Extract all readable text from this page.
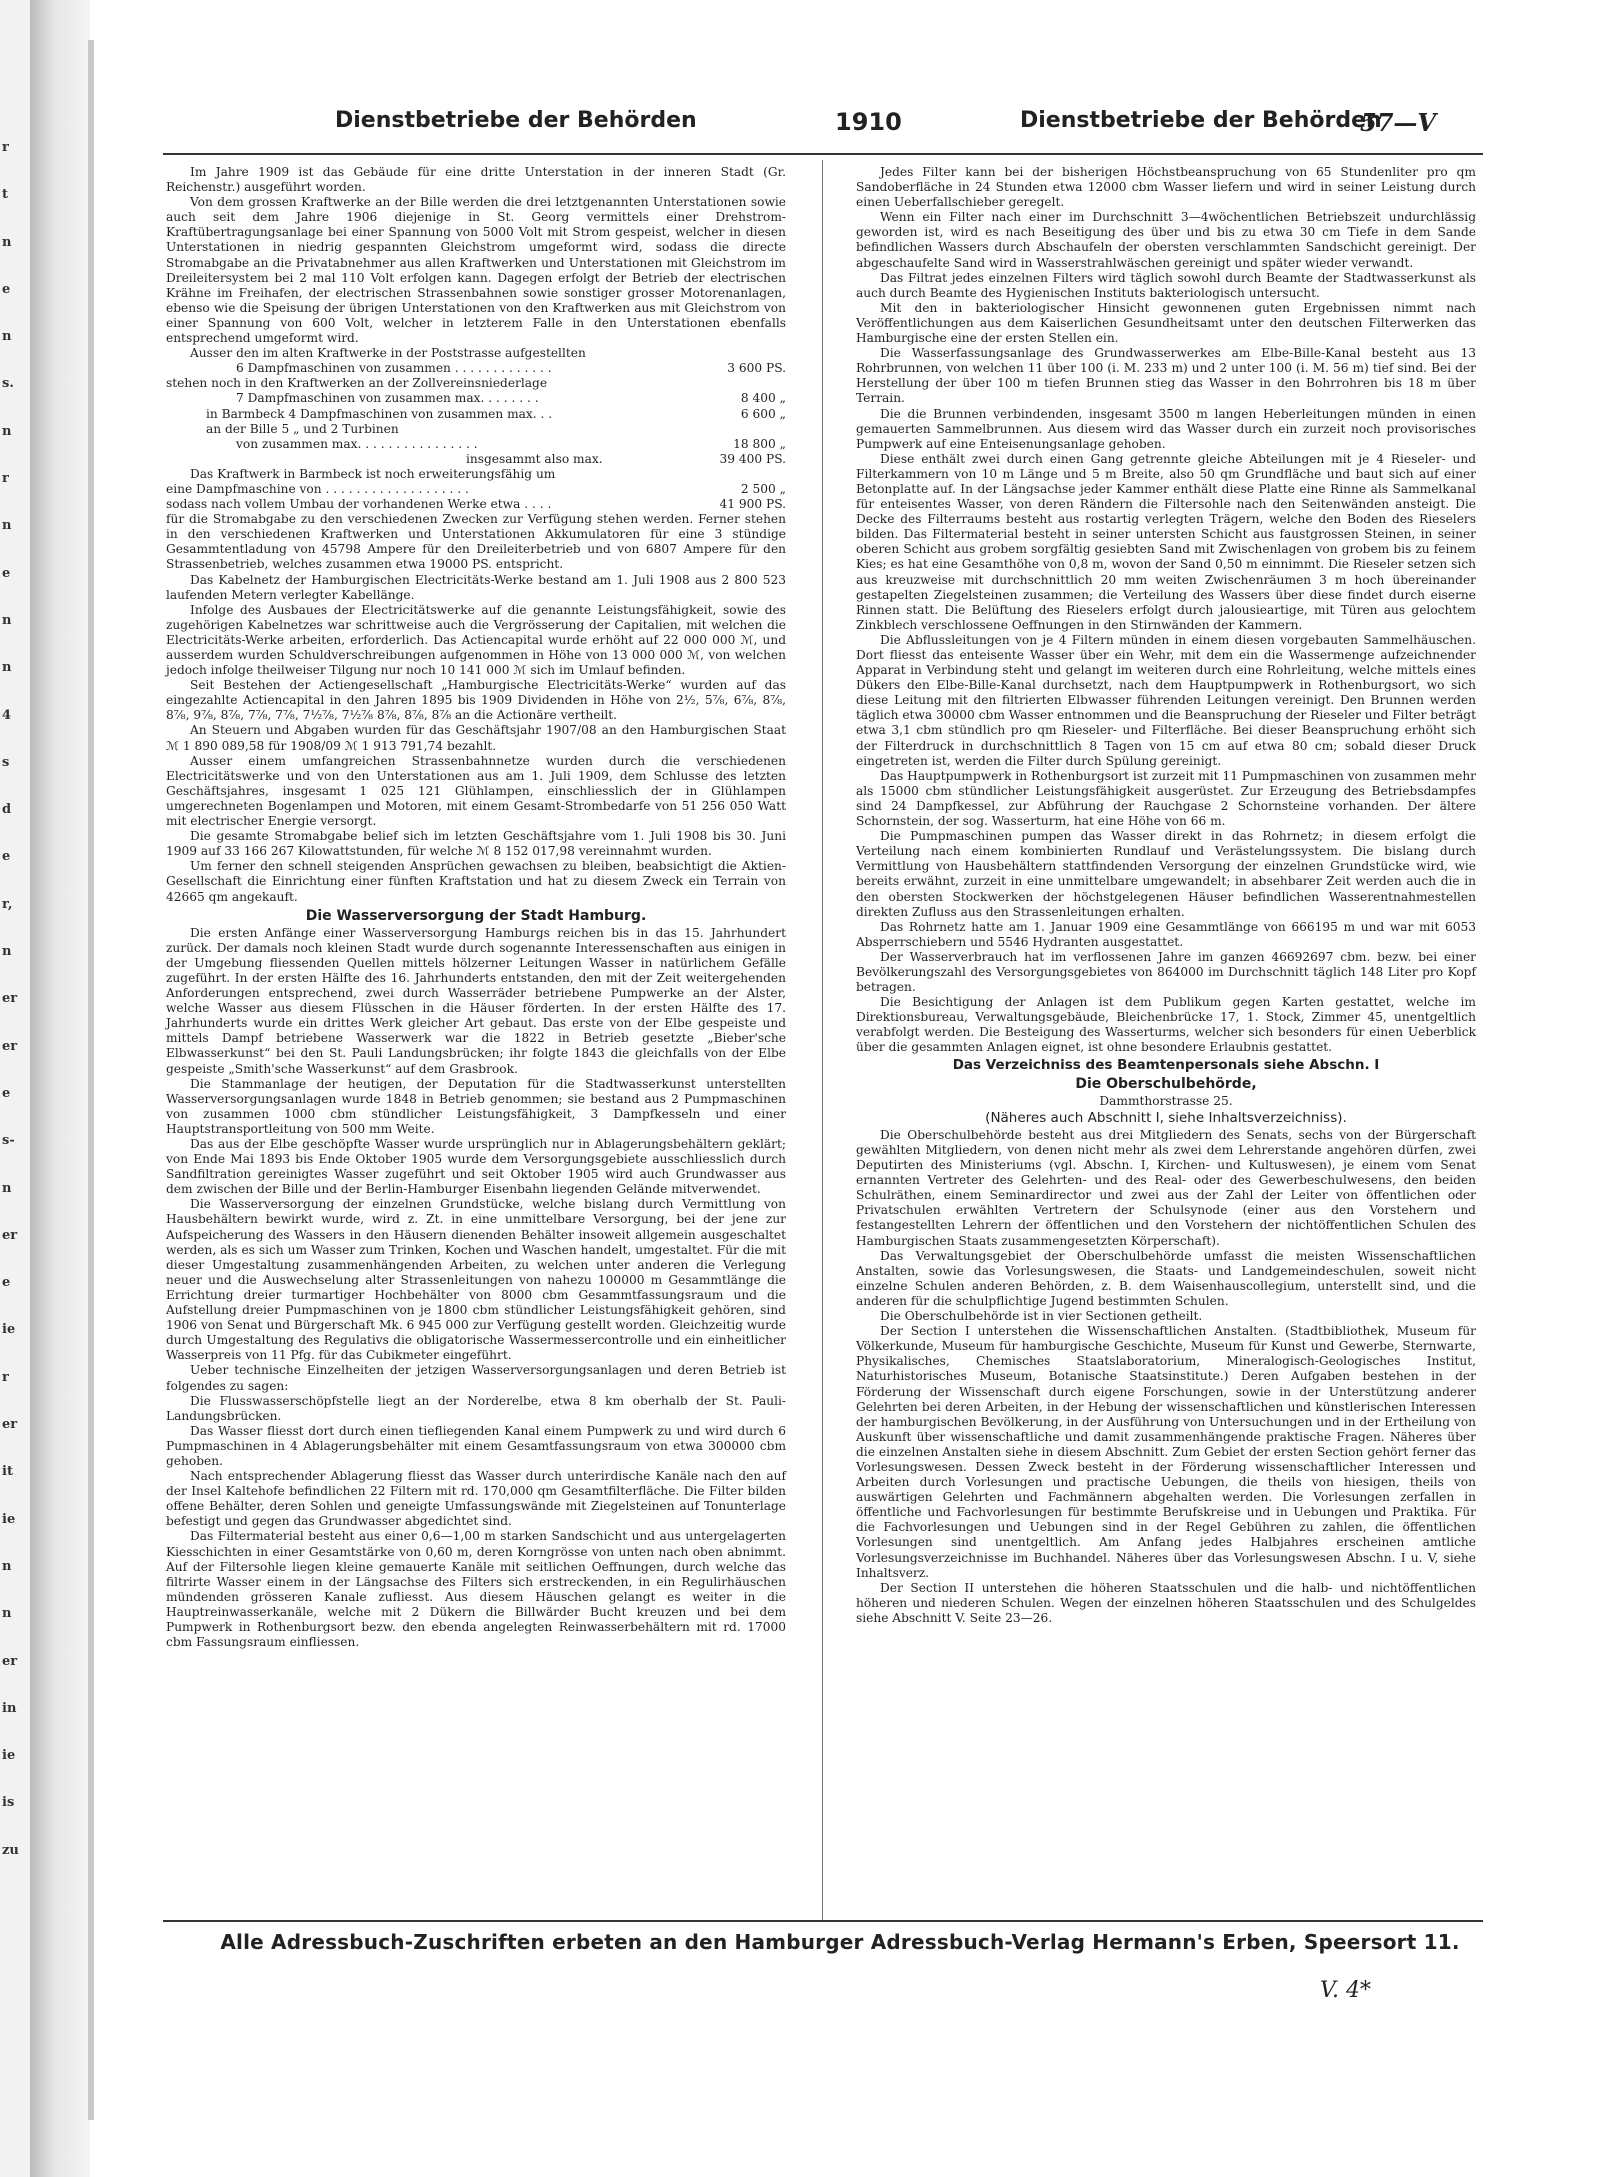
r
t
n
e
n
s.
n
r
n
e
n
n
4
s
d
e
r,
n
er
er
e
s-
n
er
e
ie
r
er
it
ie
n
n
er
in
ie
is
zu
Dienstbetriebe der Behörden	1910	Dienstbetriebe der Behörden
57—V

Im Jahre 1909 ist das Gebäude für eine dritte Unterstation in der inneren Stadt (Gr. Reichenstr.) ausgeführt worden.

Von dem grossen Kraftwerke an der Bille werden die drei letztgenannten Unterstationen sowie auch seit dem Jahre 1906 diejenige in St. Georg vermittels einer Drehstrom-Kraftübertragungsanlage bei einer Spannung von 5000 Volt mit Strom gespeist, welcher in diesen Unterstationen in niedrig gespannten Gleichstrom umgeformt wird, sodass die directe Stromabgabe an die Privatabnehmer aus allen Kraftwerken und Unterstationen mit Gleichstrom im Dreileitersystem bei 2 mal 110 Volt erfolgen kann. Dagegen erfolgt der Betrieb der electrischen Krähne im Freihafen, der electrischen Strassenbahnen sowie sonstiger grosser Motorenanlagen, ebenso wie die Speisung der übrigen Unterstationen von den Kraftwerken aus mit Gleichstrom von einer Spannung von 600 Volt, welcher in letzterem Falle in den Unterstationen ebenfalls entsprechend umgeformt wird.

Ausser den im alten Kraftwerke in der Poststrasse aufgestellten

6 Dampfmaschinen von zusammen . . . . . . . . . . . . .	3 600 PS.

stehen noch in den Kraftwerken an der Zollvereinsniederlage

7 Dampfmaschinen von zusammen max. . . . . . . .	8 400 „
in Barmbeck 4 Dampfmaschinen von zusammen max. . .	6 600 „
an der Bille 5 „ und 2 Turbinen
von zusammen max. . . . . . . . . . . . . . . .	18 800 „
insgesammt also max.	39 400 PS.

Das Kraftwerk in Barmbeck ist noch erweiterungsfähig um

eine Dampfmaschine von . . . . . . . . . . . . . . . . . . .	2 500 „
sodass nach vollem Umbau der vorhandenen Werke etwa . . . .	41 900 PS.

für die Stromabgabe zu den verschiedenen Zwecken zur Verfügung stehen werden. Ferner stehen in den verschiedenen Kraftwerken und Unterstationen Akkumulatoren für eine 3 stündige Gesammtentladung von 45798 Ampere für den Dreileiterbetrieb und von 6807 Ampere für den Strassenbetrieb, welches zusammen etwa 19000 PS. entspricht.

Das Kabelnetz der Hamburgischen Electricitäts-Werke bestand am 1. Juli 1908 aus 2 800 523 laufenden Metern verlegter Kabellänge.

Infolge des Ausbaues der Electricitätswerke auf die genannte Leistungsfähigkeit, sowie des zugehörigen Kabelnetzes war schrittweise auch die Vergrösserung der Capitalien, mit welchen die Electricitäts-Werke arbeiten, erforderlich. Das Actiencapital wurde erhöht auf 22 000 000 ℳ, und ausserdem wurden Schuldverschreibungen aufgenommen in Höhe von 13 000 000 ℳ, von welchen jedoch infolge theilweiser Tilgung nur noch 10 141 000 ℳ sich im Umlauf befinden.

Seit Bestehen der Actiengesellschaft „Hamburgische Electricitäts-Werke“ wurden auf das eingezahlte Actiencapital in den Jahren 1895 bis 1909 Dividenden in Höhe von 2½, 5⅞, 6⅞, 8⅞, 8⅞, 9⅞, 8⅞, 7⅞, 7⅞, 7½⅞, 7½⅞ 8⅞, 8⅞, 8⅞ an die Actionäre vertheilt.

An Steuern und Abgaben wurden für das Geschäftsjahr 1907/08 an den Hamburgischen Staat ℳ 1 890 089,58 für 1908/09 ℳ 1 913 791,74 bezahlt.

Ausser einem umfangreichen Strassenbahnnetze wurden durch die verschiedenen Electricitätswerke und von den Unterstationen aus am 1. Juli 1909, dem Schlusse des letzten Geschäftsjahres, insgesamt 1 025 121 Glühlampen, einschliesslich der in Glühlampen umgerechneten Bogenlampen und Motoren, mit einem Gesamt-Strombedarfe von 51 256 050 Watt mit electrischer Energie versorgt.

Die gesamte Stromabgabe belief sich im letzten Geschäftsjahre vom 1. Juli 1908 bis 30. Juni 1909 auf 33 166 267 Kilowattstunden, für welche ℳ 8 152 017,98 vereinnahmt wurden.

Um ferner den schnell steigenden Ansprüchen gewachsen zu bleiben, beabsichtigt die Aktien-Gesellschaft die Einrichtung einer fünften Kraftstation und hat zu diesem Zweck ein Terrain von 42665 qm angekauft.

Die Wasserversorgung der Stadt Hamburg.

Die ersten Anfänge einer Wasserversorgung Hamburgs reichen bis in das 15. Jahrhundert zurück. Der damals noch kleinen Stadt wurde durch sogenannte Interessenschaften aus einigen in der Umgebung fliessenden Quellen mittels hölzerner Leitungen Wasser in natürlichem Gefälle zugeführt. In der ersten Hälfte des 16. Jahrhunderts entstanden, den mit der Zeit weitergehenden Anforderungen entsprechend, zwei durch Wasserräder betriebene Pumpwerke an der Alster, welche Wasser aus diesem Flüsschen in die Häuser förderten. In der ersten Hälfte des 17. Jahrhunderts wurde ein drittes Werk gleicher Art gebaut. Das erste von der Elbe gespeiste und mittels Dampf betriebene Wasserwerk war die 1822 in Betrieb gesetzte „Bieber'sche Elbwasserkunst“ bei den St. Pauli Landungsbrücken; ihr folgte 1843 die gleichfalls von der Elbe gespeiste „Smith'sche Wasserkunst“ auf dem Grasbrook.

Die Stammanlage der heutigen, der Deputation für die Stadtwasserkunst unterstellten Wasserversorgungsanlagen wurde 1848 in Betrieb genommen; sie bestand aus 2 Pumpmaschinen von zusammen 1000 cbm stündlicher Leistungsfähigkeit, 3 Dampfkesseln und einer Hauptstransportleitung von 500 mm Weite.

Das aus der Elbe geschöpfte Wasser wurde ursprünglich nur in Ablagerungsbehältern geklärt; von Ende Mai 1893 bis Ende Oktober 1905 wurde dem Versorgungsgebiete ausschliesslich durch Sandfiltration gereinigtes Wasser zugeführt und seit Oktober 1905 wird auch Grundwasser aus dem zwischen der Bille und der Berlin-Hamburger Eisenbahn liegenden Gelände mitverwendet.

Die Wasserversorgung der einzelnen Grundstücke, welche bislang durch Vermittlung von Hausbehältern bewirkt wurde, wird z. Zt. in eine unmittelbare Versorgung, bei der jene zur Aufspeicherung des Wassers in den Häusern dienenden Behälter insoweit allgemein ausgeschaltet werden, als es sich um Wasser zum Trinken, Kochen und Waschen handelt, umgestaltet. Für die mit dieser Umgestaltung zusammenhängenden Arbeiten, zu welchen unter anderen die Verlegung neuer und die Auswechselung alter Strassenleitungen von nahezu 100000 m Gesammtlänge die Errichtung dreier turmartiger Hochbehälter von 8000 cbm Gesammtfassungsraum und die Aufstellung dreier Pumpmaschinen von je 1800 cbm stündlicher Leistungsfähigkeit gehören, sind 1906 von Senat und Bürgerschaft Mk. 6 945 000 zur Verfügung gestellt worden. Gleichzeitig wurde durch Umgestaltung des Regulativs die obligatorische Wassermessercontrolle und ein einheitlicher Wasserpreis von 11 Pfg. für das Cubikmeter eingeführt.

Ueber technische Einzelheiten der jetzigen Wasserversorgungsanlagen und deren Betrieb ist folgendes zu sagen:

Die Flusswasserschöpfstelle liegt an der Norderelbe, etwa 8 km oberhalb der St. Pauli-Landungsbrücken.

Das Wasser fliesst dort durch einen tiefliegenden Kanal einem Pumpwerk zu und wird durch 6 Pumpmaschinen in 4 Ablagerungsbehälter mit einem Gesamtfassungsraum von etwa 300000 cbm gehoben.

Nach entsprechender Ablagerung fliesst das Wasser durch unterirdische Kanäle nach den auf der Insel Kaltehofe befindlichen 22 Filtern mit rd. 170,000 qm Gesamtfilterfläche. Die Filter bilden offene Behälter, deren Sohlen und geneigte Umfassungswände mit Ziegelsteinen auf Tonunterlage befestigt und gegen das Grundwasser abgedichtet sind.

Das Filtermaterial besteht aus einer 0,6—1,00 m starken Sandschicht und aus untergelagerten Kiesschichten in einer Gesamtstärke von 0,60 m, deren Korngrösse von unten nach oben abnimmt. Auf der Filtersohle liegen kleine gemauerte Kanäle mit seitlichen Oeffnungen, durch welche das filtrirte Wasser einem in der Längsachse des Filters sich erstreckenden, in ein Regulirhäuschen mündenden grösseren Kanale zufliesst. Aus diesem Häuschen gelangt es weiter in die Hauptreinwasserkanäle, welche mit 2 Dükern die Billwärder Bucht kreuzen und bei dem Pumpwerk in Rothenburgsort bezw. den ebenda angelegten Reinwasserbehältern mit rd. 17000 cbm Fassungsraum einfliessen.

Jedes Filter kann bei der bisherigen Höchstbeanspruchung von 65 Stundenliter pro qm Sandoberfläche in 24 Stunden etwa 12000 cbm Wasser liefern und wird in seiner Leistung durch einen Ueberfallschieber geregelt.

Wenn ein Filter nach einer im Durchschnitt 3—4wöchentlichen Betriebszeit undurchlässig geworden ist, wird es nach Beseitigung des über und bis zu etwa 30 cm Tiefe in dem Sande befindlichen Wassers durch Abschaufeln der obersten verschlammten Sandschicht gereinigt. Der abgeschaufelte Sand wird in Wasserstrahlwäschen gereinigt und später wieder verwandt.

Das Filtrat jedes einzelnen Filters wird täglich sowohl durch Beamte der Stadtwasserkunst als auch durch Beamte des Hygienischen Instituts bakteriologisch untersucht.

Mit den in bakteriologischer Hinsicht gewonnenen guten Ergebnissen nimmt nach Veröffentlichungen aus dem Kaiserlichen Gesundheitsamt unter den deutschen Filterwerken das Hamburgische eine der ersten Stellen ein.

Die Wasserfassungsanlage des Grundwasserwerkes am Elbe-Bille-Kanal besteht aus 13 Rohrbrunnen, von welchen 11 über 100 (i. M. 233 m) und 2 unter 100 (i. M. 56 m) tief sind. Bei der Herstellung der über 100 m tiefen Brunnen stieg das Wasser in den Bohrrohren bis 18 m über Terrain.

Die die Brunnen verbindenden, insgesamt 3500 m langen Heberleitungen münden in einen gemauerten Sammelbrunnen. Aus diesem wird das Wasser durch ein zurzeit noch provisorisches Pumpwerk auf eine Enteisenungsanlage gehoben.

Diese enthält zwei durch einen Gang getrennte gleiche Abteilungen mit je 4 Rieseler- und Filterkammern von 10 m Länge und 5 m Breite, also 50 qm Grundfläche und baut sich auf einer Betonplatte auf. In der Längsachse jeder Kammer enthält diese Platte eine Rinne als Sammelkanal für enteisentes Wasser, von deren Rändern die Filtersohle nach den Seitenwänden ansteigt. Die Decke des Filterraums besteht aus rostartig verlegten Trägern, welche den Boden des Rieselers bilden. Das Filtermaterial besteht in seiner untersten Schicht aus faustgrossen Steinen, in seiner oberen Schicht aus grobem sorgfältig gesiebten Sand mit Zwischenlagen von grobem bis zu feinem Kies; es hat eine Gesamthöhe von 0,8 m, wovon der Sand 0,50 m einnimmt. Die Rieseler setzen sich aus kreuzweise mit durchschnittlich 20 mm weiten Zwischenräumen 3 m hoch übereinander gestapelten Ziegelsteinen zusammen; die Verteilung des Wassers über diese findet durch eiserne Rinnen statt. Die Belüftung des Rieselers erfolgt durch jalousieartige, mit Türen aus gelochtem Zinkblech verschlossene Oeffnungen in den Stirnwänden der Kammern.

Die Abflussleitungen von je 4 Filtern münden in einem diesen vorgebauten Sammelhäuschen. Dort fliesst das enteisente Wasser über ein Wehr, mit dem ein die Wassermenge aufzeichnender Apparat in Verbindung steht und gelangt im weiteren durch eine Rohrleitung, welche mittels eines Dükers den Elbe-Bille-Kanal durchsetzt, nach dem Hauptpumpwerk in Rothenburgsort, wo sich diese Leitung mit den filtrierten Elbwasser führenden Leitungen vereinigt. Den Brunnen werden täglich etwa 30000 cbm Wasser entnommen und die Beanspruchung der Rieseler und Filter beträgt etwa 3,1 cbm stündlich pro qm Rieseler- und Filterfläche. Bei dieser Beanspruchung erhöht sich der Filterdruck in durchschnittlich 8 Tagen von 15 cm auf etwa 80 cm; sobald dieser Druck eingetreten ist, werden die Filter durch Spülung gereinigt.

Das Hauptpumpwerk in Rothenburgsort ist zurzeit mit 11 Pumpmaschinen von zusammen mehr als 15000 cbm stündlicher Leistungsfähigkeit ausgerüstet. Zur Erzeugung des Betriebsdampfes sind 24 Dampfkessel, zur Abführung der Rauchgase 2 Schornsteine vorhanden. Der ältere Schornstein, der sog. Wasserturm, hat eine Höhe von 66 m.

Die Pumpmaschinen pumpen das Wasser direkt in das Rohrnetz; in diesem erfolgt die Verteilung nach einem kombinierten Rundlauf und Verästelungssystem. Die bislang durch Vermittlung von Hausbehältern stattfindenden Versorgung der einzelnen Grundstücke wird, wie bereits erwähnt, zurzeit in eine unmittelbare umgewandelt; in absehbarer Zeit werden auch die in den obersten Stockwerken der höchstgelegenen Häuser befindlichen Wasserentnahmestellen direkten Zufluss aus den Strassenleitungen erhalten.

Das Rohrnetz hatte am 1. Januar 1909 eine Gesammtlänge von 666195 m und war mit 6053 Absperrschiebern und 5546 Hydranten ausgestattet.

Der Wasserverbrauch hat im verflossenen Jahre im ganzen 46692697 cbm. bezw. bei einer Bevölkerungszahl des Versorgungsgebietes von 864000 im Durchschnitt täglich 148 Liter pro Kopf betragen.

Die Besichtigung der Anlagen ist dem Publikum gegen Karten gestattet, welche im Direktionsbureau, Verwaltungsgebäude, Bleichenbrücke 17, 1. Stock, Zimmer 45, unentgeltlich verabfolgt werden. Die Besteigung des Wasserturms, welcher sich besonders für einen Ueberblick über die gesammten Anlagen eignet, ist ohne besondere Erlaubnis gestattet.

Das Verzeichniss des Beamtenpersonals siehe Abschn. I
Die Oberschulbehörde,
Dammthorstrasse 25.
(Näheres auch Abschnitt I, siehe Inhaltsverzeichniss).

Die Oberschulbehörde besteht aus drei Mitgliedern des Senats, sechs von der Bürgerschaft gewählten Mitgliedern, von denen nicht mehr als zwei dem Lehrerstande angehören dürfen, zwei Deputirten des Ministeriums (vgl. Abschn. I, Kirchen- und Kultuswesen), je einem vom Senat ernannten Vertreter des Gelehrten- und des Real- oder des Gewerbeschulwesens, den beiden Schulräthen, einem Seminardirector und zwei aus der Zahl der Leiter von öffentlichen oder Privatschulen erwählten Vertretern der Schulsynode (einer aus den Vorstehern und festangestellten Lehrern der öffentlichen und den Vorstehern der nichtöffentlichen Schulen des Hamburgischen Staats zusammengesetzten Körperschaft).

Das Verwaltungsgebiet der Oberschulbehörde umfasst die meisten Wissenschaftlichen Anstalten, sowie das Vorlesungswesen, die Staats- und Landgemeindeschulen, soweit nicht einzelne Schulen anderen Behörden, z. B. dem Waisenhauscollegium, unterstellt sind, und die anderen für die schulpflichtige Jugend bestimmten Schulen.

Die Oberschulbehörde ist in vier Sectionen getheilt.

Der Section I unterstehen die Wissenschaftlichen Anstalten. (Stadtbibliothek, Museum für Völkerkunde, Museum für hamburgische Geschichte, Museum für Kunst und Gewerbe, Sternwarte, Physikalisches, Chemisches Staatslaboratorium, Mineralogisch-Geologisches Institut, Naturhistorisches Museum, Botanische Staatsinstitute.) Deren Aufgaben bestehen in der Förderung der Wissenschaft durch eigene Forschungen, sowie in der Unterstützung anderer Gelehrten bei deren Arbeiten, in der Hebung der wissenschaftlichen und künstlerischen Interessen der hamburgischen Bevölkerung, in der Ausführung von Untersuchungen und in der Ertheilung von Auskunft über wissenschaftliche und damit zusammenhängende praktische Fragen. Näheres über die einzelnen Anstalten siehe in diesem Abschnitt. Zum Gebiet der ersten Section gehört ferner das Vorlesungswesen. Dessen Zweck besteht in der Förderung wissenschaftlicher Interessen und Arbeiten durch Vorlesungen und practische Uebungen, die theils von hiesigen, theils von auswärtigen Gelehrten und Fachmännern abgehalten werden. Die Vorlesungen zerfallen in öffentliche und Fachvorlesungen für bestimmte Berufskreise und in Uebungen und Praktika. Für die Fachvorlesungen und Uebungen sind in der Regel Gebühren zu zahlen, die öffentlichen Vorlesungen sind unentgeltlich. Am Anfang jedes Halbjahres erscheinen amtliche Vorlesungsverzeichnisse im Buchhandel. Näheres über das Vorlesungswesen Abschn. I u. V, siehe Inhaltsverz.

Der Section II unterstehen die höheren Staatsschulen und die halb- und nichtöffentlichen höheren und niederen Schulen. Wegen der einzelnen höheren Staatsschulen und des Schulgeldes siehe Abschnitt V. Seite 23—26.

Alle Adressbuch-Zuschriften erbeten an den Hamburger Adressbuch-Verlag Hermann's Erben, Speersort 11.
V. 4*
